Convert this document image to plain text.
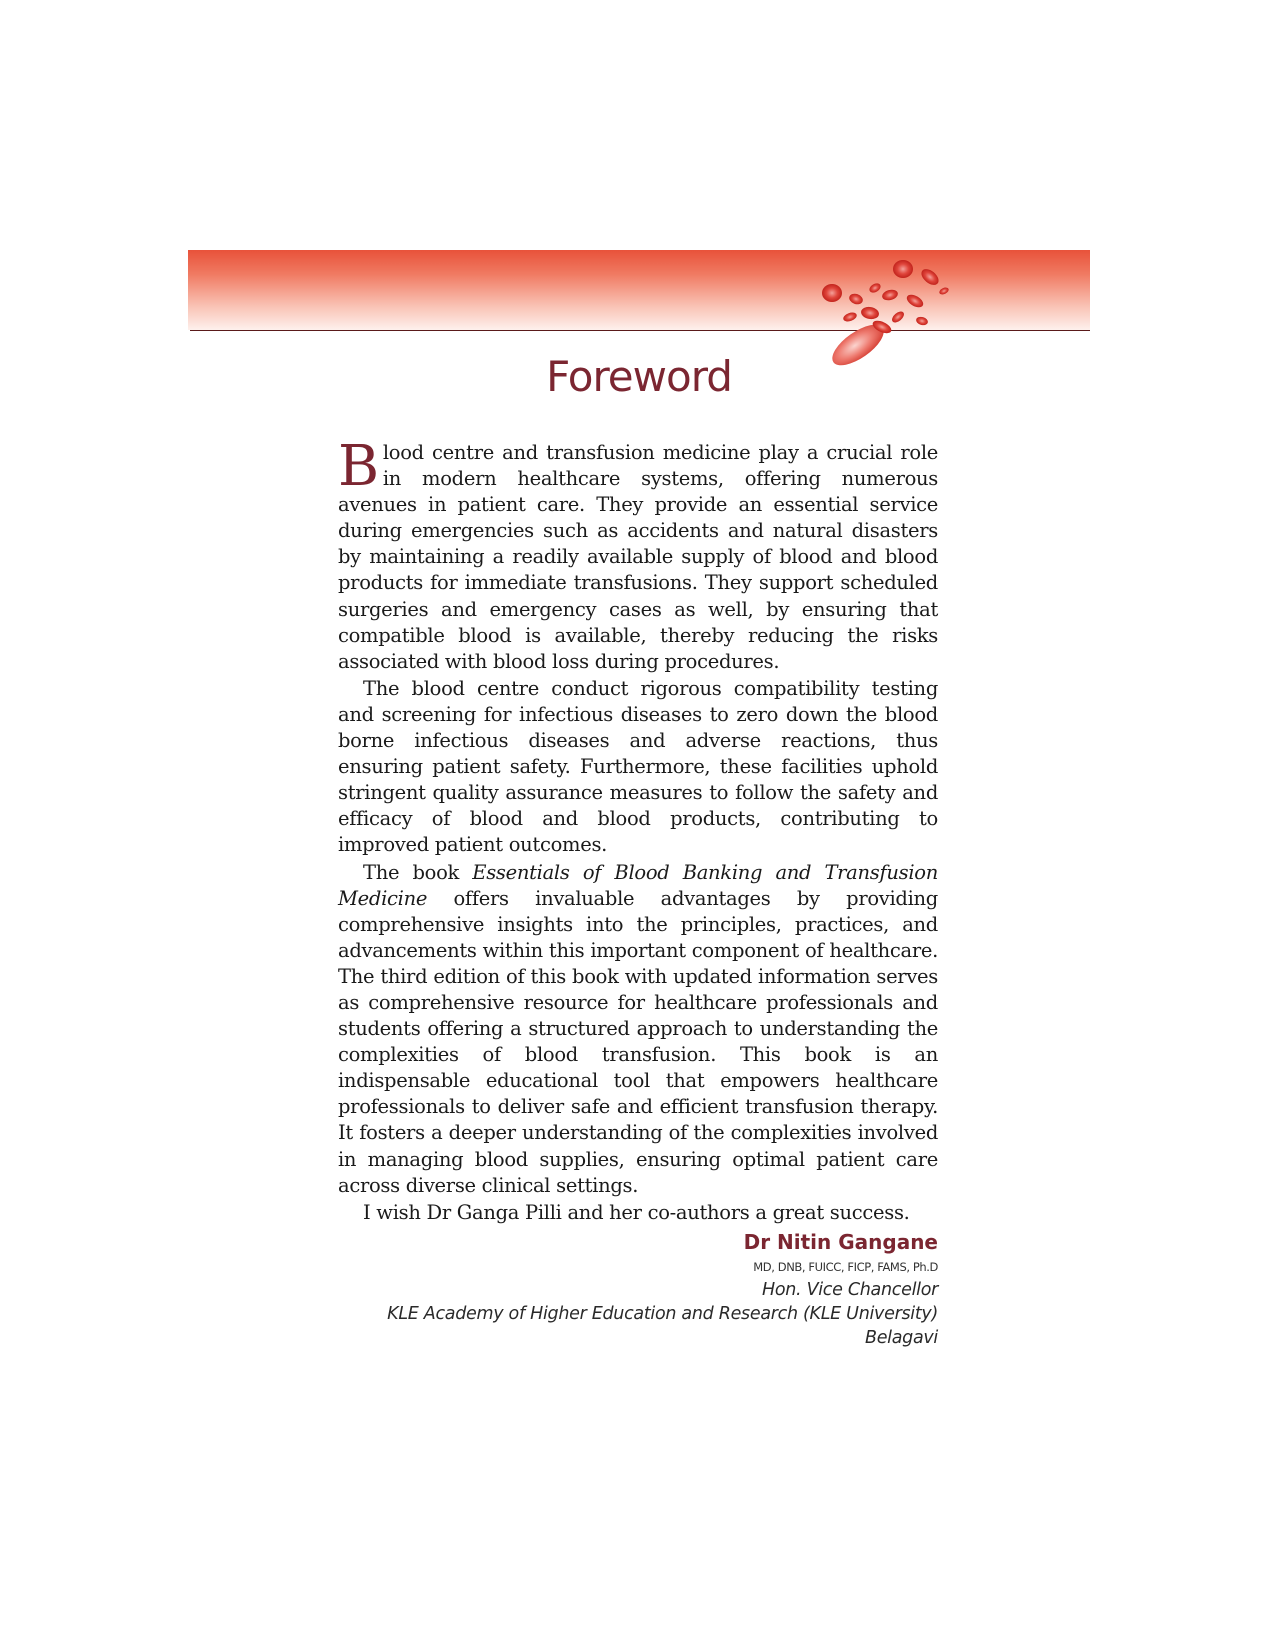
Foreword

Blood centre and transfusion medicine play a crucial role in modern healthcare systems, offering numerous avenues in patient care. They provide an essential service during emergencies such as accidents and natural disasters by maintaining a readily available supply of blood and blood products for immediate transfusions. They support scheduled surgeries and emergency cases as well, by ensuring that compatible blood is available, thereby reducing the risks associated with blood loss during procedures.

The blood centre conduct rigorous compatibility testing and screening for infectious diseases to zero down the blood borne infectious diseases and adverse reactions, thus ensuring patient safety. Furthermore, these facilities uphold stringent quality assurance measures to follow the safety and efficacy of blood and blood products, contributing to improved patient outcomes.

The book Essentials of Blood Banking and Transfusion Medicine offers invaluable advantages by providing comprehensive insights into the principles, practices, and advancements within this important component of healthcare. The third edition of this book with updated information serves as comprehensive resource for healthcare professionals and students offering a structured approach to understanding the complexities of blood transfusion. This book is an indispensable educational tool that empowers healthcare professionals to deliver safe and efficient transfusion therapy. It fosters a deeper understanding of the complexities involved in managing blood supplies, ensuring optimal patient care across diverse clinical settings.

I wish Dr Ganga Pilli and her co-authors a great success.

Dr Nitin Gangane
MD, DNB, FUICC, FICP, FAMS, Ph.D
Hon. Vice Chancellor
KLE Academy of Higher Education and Research (KLE University)
Belagavi
